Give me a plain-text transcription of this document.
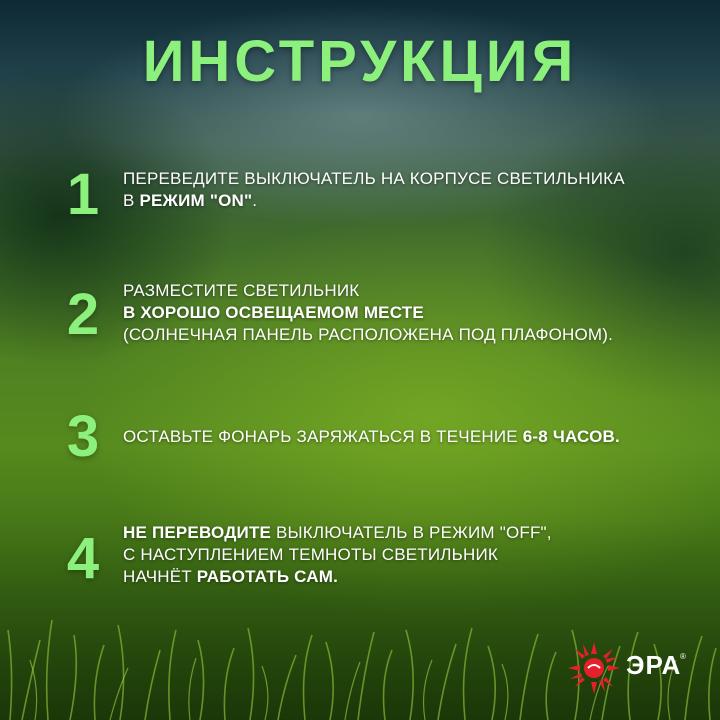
ИНСТРУКЦИЯ
1	ПЕРЕВЕДИТЕ ВЫКЛЮЧАТЕЛЬ НА КОРПУСЕ СВЕТИЛЬНИКА
В РЕЖИМ "ON".
2	РАЗМЕСТИТЕ СВЕТИЛЬНИК
В ХОРОШО ОСВЕЩАЕМОМ МЕСТЕ
(СОЛНЕЧНАЯ ПАНЕЛЬ РАСПОЛОЖЕНА ПОД ПЛАФОНОМ).
3	ОСТАВЬТЕ ФОНАРЬ ЗАРЯЖАТЬСЯ В ТЕЧЕНИЕ 6-8 ЧАСОВ.
4	НЕ ПЕРЕВОДИТЕ ВЫКЛЮЧАТЕЛЬ В РЕЖИМ "OFF",
С НАСТУПЛЕНИЕМ ТЕМНОТЫ СВЕТИЛЬНИК
НАЧНЁТ РАБОТАТЬ САМ.
ЭРА
®
